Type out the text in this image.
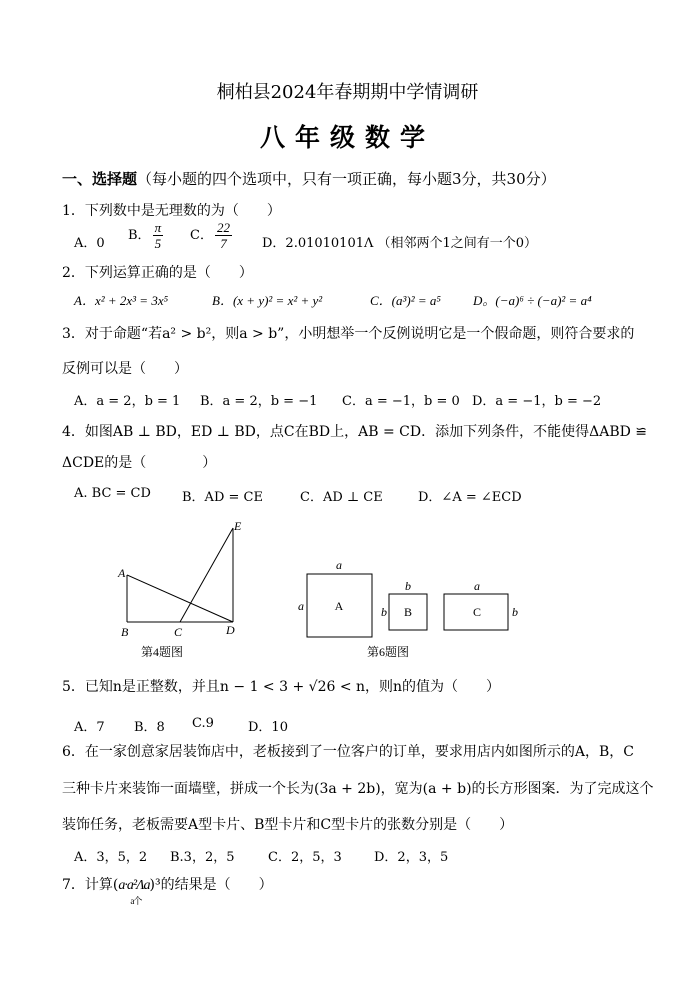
桐柏县2024年春期期中学情调研
八年级数学
一、选择题（每小题的四个选项中，只有一项正确，每小题3分，共30分）
1．下列数中是无理数的为（　　）
A．0
B． $\frac{\pi}{5}$ C． $\frac{22}{7}$ D．2.01010101Λ （相邻两个1之间有一个0）
2．下列运算正确的是（　　）
A．x² + 2x³ = 3x⁵	B．(x + y)² = x² + y²	C．(a³)² = a⁵ D。(−a)⁶ ÷ (−a)² = a⁴
3．对于命题“若a² > b²，则a > b”，小明想举一个反例说明它是一个假命题，则符合要求的
反例可以是（　　）
A．a = 2，b = 1 B．a = 2，b = −1 C．a = −1，b = 0 D．a = −1，b = −2
4．如图AB ⊥ BD，ED ⊥ BD，点C在BD上，AB = CD．添加下列条件，不能使得ΔABD ≌
ΔCDE的是（　　　　）
A. BC = CD B．AD = CE	C．AD ⊥ CE	D．∠A = ∠ECD
A
B	C	D
E
第4题图
a
a	A
b
b B
a
b
C
第6题图
5．已知n是正整数，并且n − 1 < 3 + √26 < n，则n的值为（　　）
A．7 B．8 C.9	D．10
6．在一家创意家居装饰店中，老板接到了一位客户的订单，要求用店内如图所示的A，B，C
三种卡片来装饰一面墙壁，拼成一个长为(3a + 2b)，宽为(a + b)的长方形图案．为了完成这个
装饰任务，老板需要A型卡片、B型卡片和C型卡片的张数分别是（　　）
A．3，5，2 B.3，2，5	C．2，5，3 D．2，3，5
7．计算(a·a²Λa
a个
)³的结果是（　　）
